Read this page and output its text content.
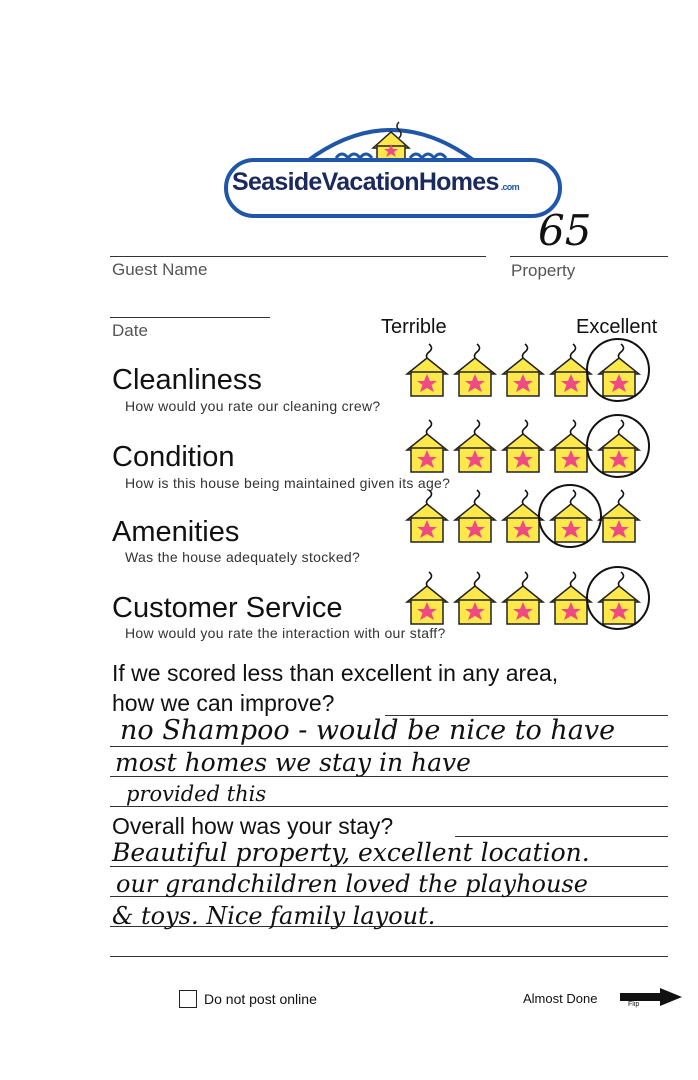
SeasideVacationHomes .com
Guest Name	Property
65
Date	Terrible	Excellent
Cleanliness
How would you rate our cleaning crew?
Condition
How is this house being maintained given its age?
Amenities
Was the house adequately stocked?
Customer Service
How would you rate the interaction with our staff?
If we scored less than excellent in any area,
how we can improve?
no Shampoo - would be nice to have
most homes we stay in have
provided this
Overall how was your stay?
Beautiful property, excellent location.
our grandchildren loved the playhouse
& toys. Nice family layout.
Do not post online	Almost Done	Flip
